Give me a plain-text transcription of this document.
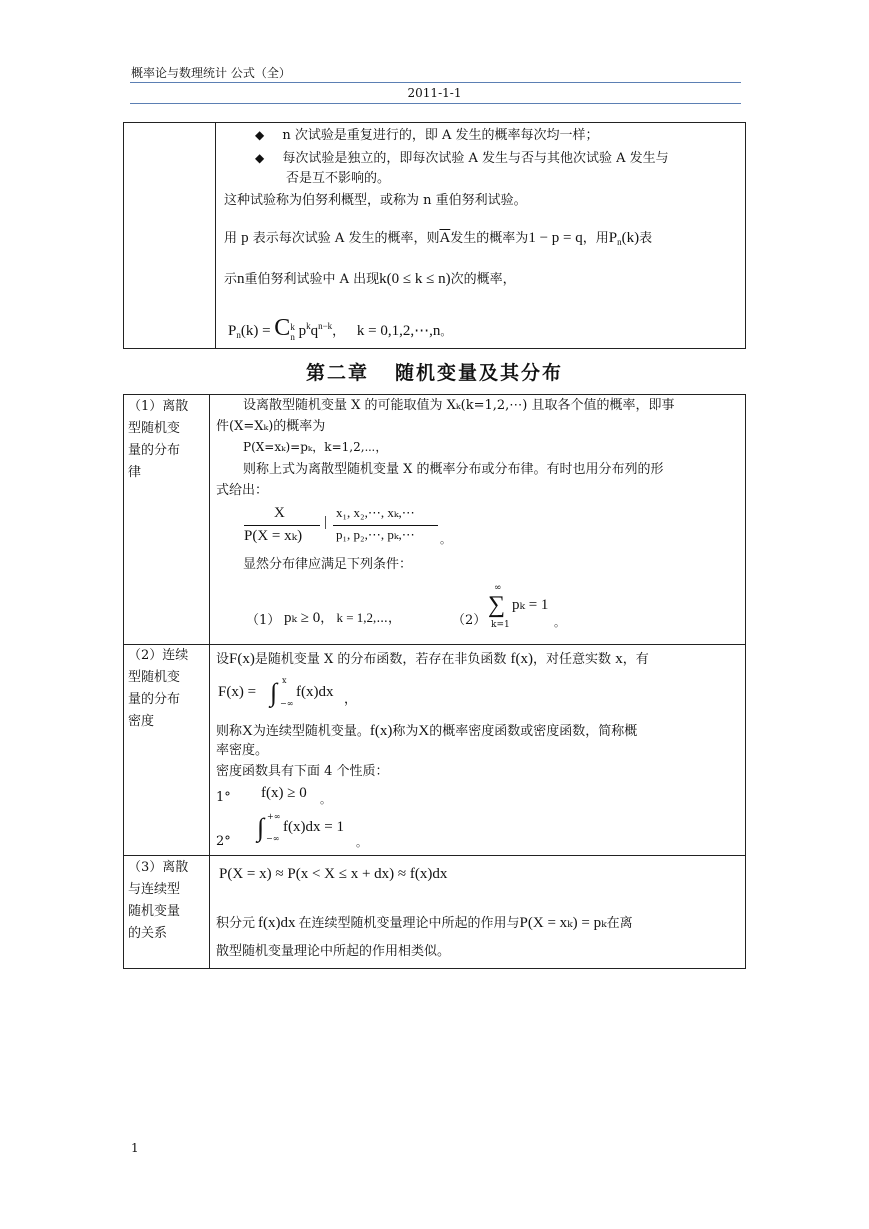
概率论与数理统计 公式（全）
2011-1-1
◆ n 次试验是重复进行的，即 A 发生的概率每次均一样；
◆ 每次试验是独立的，即每次试验 A 发生与否与其他次试验 A 发生与
否是互不影响的。
这种试验称为伯努利概型，或称为 n 重伯努利试验。
用 p 表示每次试验 A 发生的概率，则$\overline{A}$发生的概率为1 − p = q，用$P_n(k)$表
示n重伯努利试验中 A 出现k(0 ≤ k ≤ n)次的概率，
$P_n(k) = C$ k
n $p^kq^{n-k}$， k = 0,1,2,⋯,n。
第二章 随机变量及其分布
（1）离散
型随机变
量的分布
律
设离散型随机变量 X 的可能取值为 Xₖ(k=1,2,⋯) 且取各个值的概率，即事
件(X=Xₖ)的概率为
P(X=xₖ)=pₖ，k=1,2,⋯，
则称上式为离散型随机变量 X 的概率分布或分布律。有时也用分布列的形
式给出：
X
P(X = xₖ)
|
x₁, x₂,⋯, xₖ,⋯
p₁, p₂,⋯, pₖ,⋯ 。
显然分布律应满足下列条件：
（1） pₖ ≥ 0， k = 1,2,⋯，	（2）
∞
∑
k=1
pₖ = 1
。
（2）连续
型随机变
量的分布
密度
设F(x)是随机变量 X 的分布函数，若存在非负函数 f(x)，对任意实数 x，有
F(x) = ∫ x
−∞
f(x)dx ，
则称X为连续型随机变量。f(x)称为X的概率密度函数或密度函数，简称概
率密度。
密度函数具有下面 4 个性质：
1° f(x) ≥ 0 。
2° ∫ +∞
−∞
f(x)dx = 1
。
（3）离散
与连续型
随机变量
的关系
P(X = x) ≈ P(x < X ≤ x + dx) ≈ f(x)dx
积分元 f(x)dx 在连续型随机变量理论中所起的作用与P(X = xₖ) = pₖ在离
散型随机变量理论中所起的作用相类似。
1
